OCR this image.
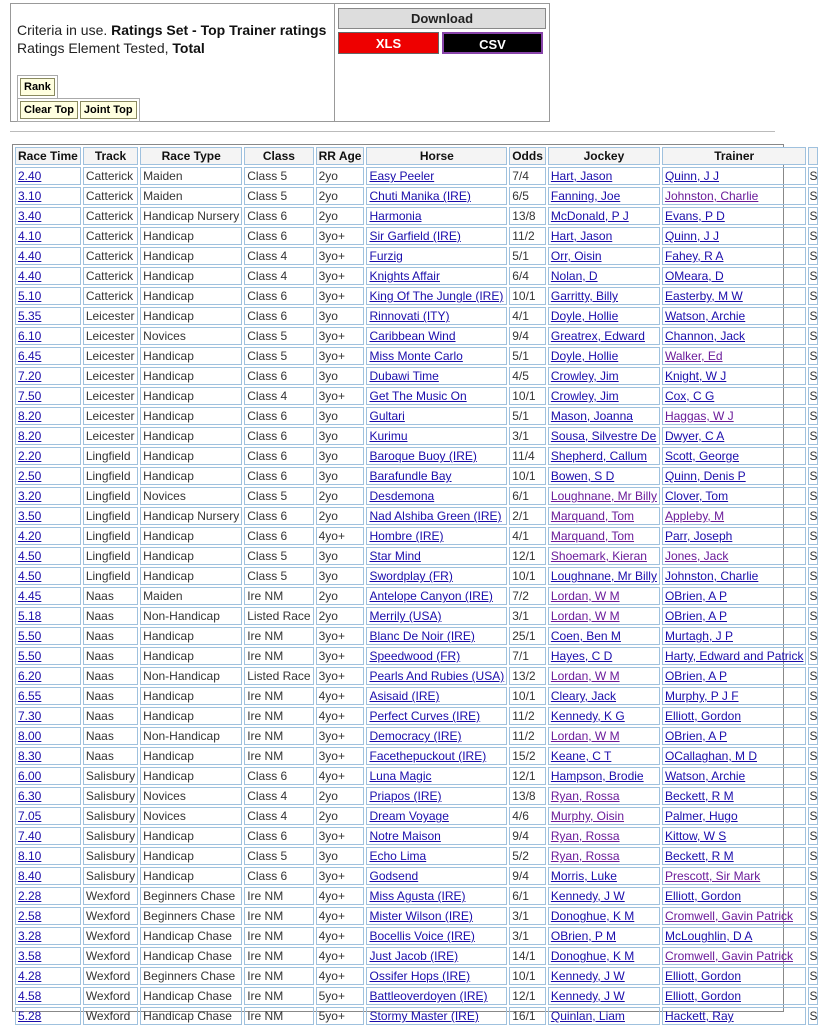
Criteria in use. Ratings Set - Top Trainer ratings
Ratings Element Tested, Total
Rank
Clear Top Joint Top
Download
XLS	CSV
Race Time	Track	Race Type	Class	RR Age	Horse	Odds	Jockey	Trainer	
2.40	Catterick	Maiden	Class 5	2yo	Easy Peeler	7/4	Hart, Jason	Quinn, J J	S
3.10	Catterick	Maiden	Class 5	2yo	Chuti Manika (IRE)	6/5	Fanning, Joe	Johnston, Charlie	S
3.40	Catterick	Handicap Nursery	Class 6	2yo	Harmonia	13/8	McDonald, P J	Evans, P D	S
4.10	Catterick	Handicap	Class 6	3yo+	Sir Garfield (IRE)	11/2	Hart, Jason	Quinn, J J	S
4.40	Catterick	Handicap	Class 4	3yo+	Furzig	5/1	Orr, Oisin	Fahey, R A	S
4.40	Catterick	Handicap	Class 4	3yo+	Knights Affair	6/4	Nolan, D	OMeara, D	S
5.10	Catterick	Handicap	Class 6	3yo+	King Of The Jungle (IRE)	10/1	Garritty, Billy	Easterby, M W	S
5.35	Leicester	Handicap	Class 6	3yo	Rinnovati (ITY)	4/1	Doyle, Hollie	Watson, Archie	S
6.10	Leicester	Novices	Class 5	3yo+	Caribbean Wind	9/4	Greatrex, Edward	Channon, Jack	S
6.45	Leicester	Handicap	Class 5	3yo+	Miss Monte Carlo	5/1	Doyle, Hollie	Walker, Ed	S
7.20	Leicester	Handicap	Class 6	3yo	Dubawi Time	4/5	Crowley, Jim	Knight, W J	S
7.50	Leicester	Handicap	Class 4	3yo+	Get The Music On	10/1	Crowley, Jim	Cox, C G	S
8.20	Leicester	Handicap	Class 6	3yo	Gultari	5/1	Mason, Joanna	Haggas, W J	S
8.20	Leicester	Handicap	Class 6	3yo	Kurimu	3/1	Sousa, Silvestre De	Dwyer, C A	S
2.20	Lingfield	Handicap	Class 6	3yo	Baroque Buoy (IRE)	11/4	Shepherd, Callum	Scott, George	S
2.50	Lingfield	Handicap	Class 6	3yo	Barafundle Bay	10/1	Bowen, S D	Quinn, Denis P	S
3.20	Lingfield	Novices	Class 5	2yo	Desdemona	6/1	Loughnane, Mr Billy	Clover, Tom	S
3.50	Lingfield	Handicap Nursery	Class 6	2yo	Nad Alshiba Green (IRE)	2/1	Marquand, Tom	Appleby, M	S
4.20	Lingfield	Handicap	Class 6	4yo+	Hombre (IRE)	4/1	Marquand, Tom	Parr, Joseph	S
4.50	Lingfield	Handicap	Class 5	3yo	Star Mind	12/1	Shoemark, Kieran	Jones, Jack	S
4.50	Lingfield	Handicap	Class 5	3yo	Swordplay (FR)	10/1	Loughnane, Mr Billy	Johnston, Charlie	S
4.45	Naas	Maiden	Ire NM	2yo	Antelope Canyon (IRE)	7/2	Lordan, W M	OBrien, A P	S
5.18	Naas	Non-Handicap	Listed Race	2yo	Merrily (USA)	3/1	Lordan, W M	OBrien, A P	S
5.50	Naas	Handicap	Ire NM	3yo+	Blanc De Noir (IRE)	25/1	Coen, Ben M	Murtagh, J P	S
5.50	Naas	Handicap	Ire NM	3yo+	Speedwood (FR)	7/1	Hayes, C D	Harty, Edward and Patrick	S
6.20	Naas	Non-Handicap	Listed Race	3yo+	Pearls And Rubies (USA)	13/2	Lordan, W M	OBrien, A P	S
6.55	Naas	Handicap	Ire NM	4yo+	Asisaid (IRE)	10/1	Cleary, Jack	Murphy, P J F	S
7.30	Naas	Handicap	Ire NM	4yo+	Perfect Curves (IRE)	11/2	Kennedy, K G	Elliott, Gordon	S
8.00	Naas	Non-Handicap	Ire NM	3yo+	Democracy (IRE)	11/2	Lordan, W M	OBrien, A P	S
8.30	Naas	Handicap	Ire NM	3yo+	Facethepuckout (IRE)	15/2	Keane, C T	OCallaghan, M D	S
6.00	Salisbury	Handicap	Class 6	4yo+	Luna Magic	12/1	Hampson, Brodie	Watson, Archie	S
6.30	Salisbury	Novices	Class 4	2yo	Priapos (IRE)	13/8	Ryan, Rossa	Beckett, R M	S
7.05	Salisbury	Novices	Class 4	2yo	Dream Voyage	4/6	Murphy, Oisin	Palmer, Hugo	S
7.40	Salisbury	Handicap	Class 6	3yo+	Notre Maison	9/4	Ryan, Rossa	Kittow, W S	S
8.10	Salisbury	Handicap	Class 5	3yo	Echo Lima	5/2	Ryan, Rossa	Beckett, R M	S
8.40	Salisbury	Handicap	Class 6	3yo+	Godsend	9/4	Morris, Luke	Prescott, Sir Mark	S
2.28	Wexford	Beginners Chase	Ire NM	4yo+	Miss Agusta (IRE)	6/1	Kennedy, J W	Elliott, Gordon	S
2.58	Wexford	Beginners Chase	Ire NM	4yo+	Mister Wilson (IRE)	3/1	Donoghue, K M	Cromwell, Gavin Patrick	S
3.28	Wexford	Handicap Chase	Ire NM	4yo+	Bocellis Voice (IRE)	3/1	OBrien, P M	McLoughlin, D A	S
3.58	Wexford	Handicap Chase	Ire NM	4yo+	Just Jacob (IRE)	14/1	Donoghue, K M	Cromwell, Gavin Patrick	S
4.28	Wexford	Beginners Chase	Ire NM	4yo+	Ossifer Hops (IRE)	10/1	Kennedy, J W	Elliott, Gordon	S
4.58	Wexford	Handicap Chase	Ire NM	5yo+	Battleoverdoyen (IRE)	12/1	Kennedy, J W	Elliott, Gordon	S
5.28	Wexford	Handicap Chase	Ire NM	5yo+	Stormy Master (IRE)	16/1	Quinlan, Liam	Hackett, Ray	S
